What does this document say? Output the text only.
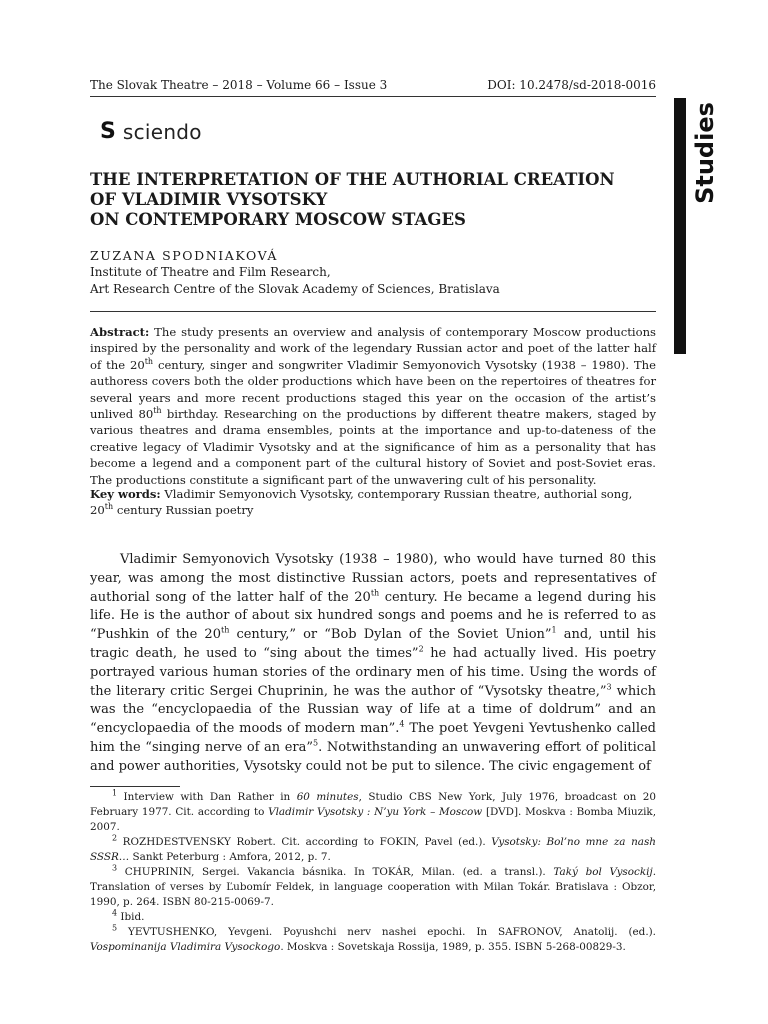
The Slovak Theatre – 2018 – Volume 66 – Issue 3	DOI: 10.2478/sd-2018-0016
S sciendo	Studies
THE INTERPRETATION OF THE AUTHORIAL CREATION
OF VLADIMIR VYSOTSKY
ON CONTEMPORARY MOSCOW STAGES
ZUZANA SPODNIAKOVÁ
Institute of Theatre and Film Research,
Art Research Centre of the Slovak Academy of Sciences, Bratislava
Abstract: The study presents an overview and analysis of contemporary Moscow productions inspired by the personality and work of the legendary Russian actor and poet of the latter half of the 20th century, singer and songwriter Vladimir Semyonovich Vysotsky (1938 – 1980). The authoress covers both the older productions which have been on the repertoires of theatres for several years and more recent productions staged this year on the occasion of the artist’s unlived 80th birthday. Researching on the productions by different theatre makers, staged by various theatres and drama ensembles, points at the importance and up-to-dateness of the creative legacy of Vladimir Vysotsky and at the significance of him as a personality that has become a legend and a component part of the cultural history of Soviet and post-Soviet eras. The productions constitute a significant part of the unwavering cult of his personality.
Key words: Vladimir Semyonovich Vysotsky, contemporary Russian theatre, authorial song, 20th century Russian poetry
Vladimir Semyonovich Vysotsky (1938 – 1980), who would have turned 80 this year, was among the most distinctive Russian actors, poets and representatives of authorial song of the latter half of the 20th century. He became a legend during his life. He is the author of about six hundred songs and poems and he is referred to as “Pushkin of the 20th century,” or “Bob Dylan of the Soviet Union”$^1$ and, until his tragic death, he used to “sing about the times”$^2$ he had actually lived. His poetry portrayed various human stories of the ordinary men of his time. Using the words of the literary critic Sergei Chuprinin, he was the author of “Vysotsky theatre,”$^3$ which was the “encyclopaedia of the Russian way of life at a time of doldrum” and an “encyclopaedia of the moods of modern man”.$^4$ The poet Yevgeni Yevtushenko called him the “singing nerve of an era”$^5$. Notwithstanding an unwavering effort of political and power authorities, Vysotsky could not be put to silence. The civic engagement of

$^1$ Interview with Dan Rather in 60 minutes, Studio CBS New York, July 1976, broadcast on 20 February 1977. Cit. according to Vladimir Vysotsky : N’yu York – Moscow [DVD]. Moskva : Bomba Miuzik, 2007.

$^2$ ROZHDESTVENSKY Robert. Cit. according to FOKIN, Pavel (ed.). Vysotsky: Bol’no mne za nash SSSR… Sankt Peterburg : Amfora, 2012, p. 7.

$^3$ CHUPRININ, Sergei. Vakancia básnika. In TOKÁR, Milan. (ed. a transl.). Taký bol Vysockij. Translation of verses by Ľubomír Feldek, in language cooperation with Milan Tokár. Bratislava : Obzor, 1990, p. 264. ISBN 80-215-0069-7.

$^4$ Ibid.

$^5$ YEVTUSHENKO, Yevgeni. Poyushchi nerv nashei epochi. In SAFRONOV, Anatolij. (ed.). Vospominanija Vladimira Vysockogo. Moskva : Sovetskaja Rossija, 1989, p. 355. ISBN 5-268-00829-3.
